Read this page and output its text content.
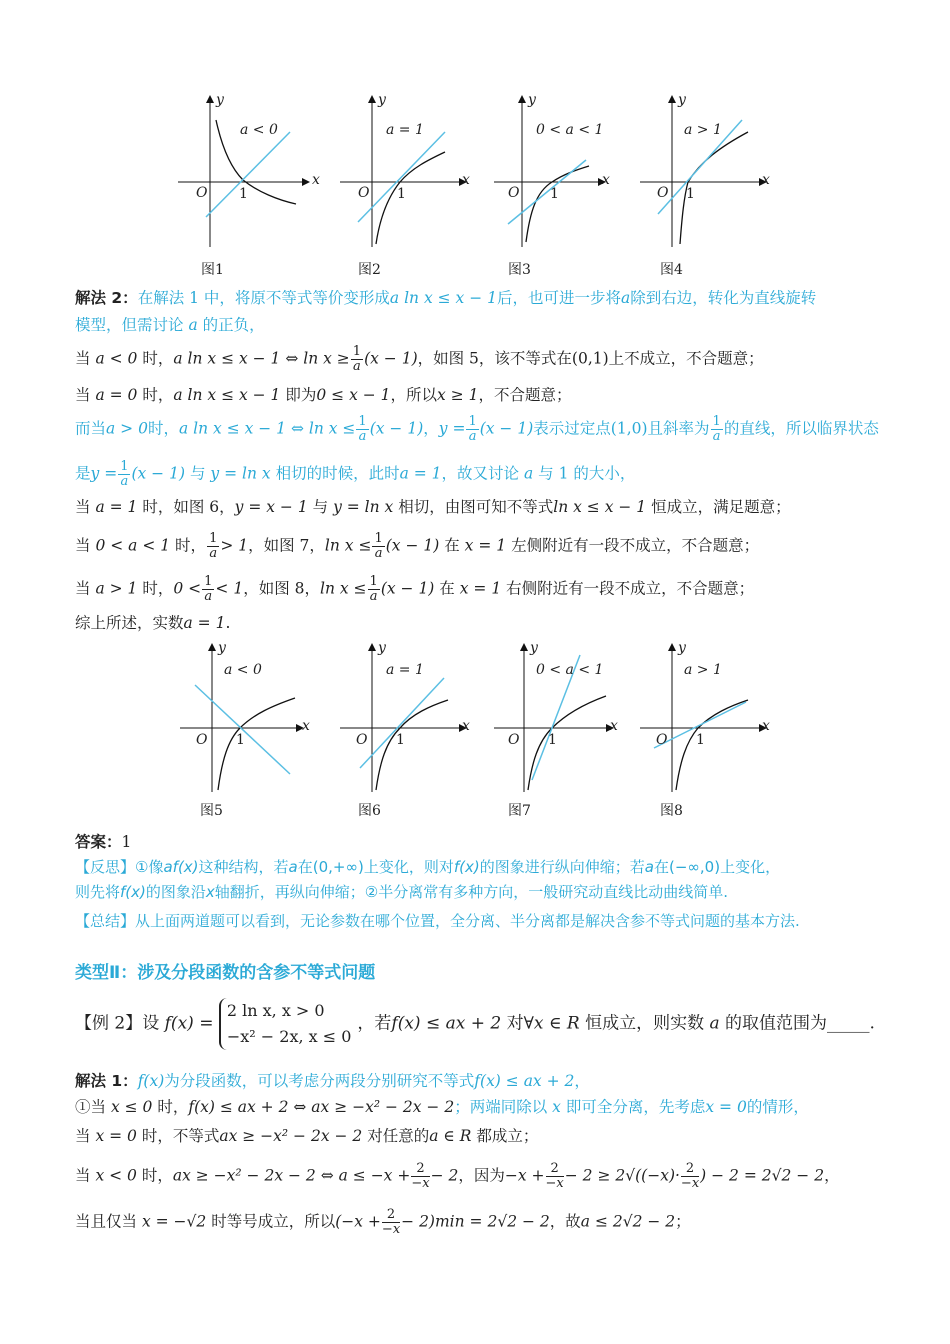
x
y
O 1
a < 0
图1
x
y
O 1
a = 1
图2
x
y
O 1
0 < a < 1
图3
x
y
O 1
a > 1
图4
解法 2：在解法 1 中，将原不等式等价变形成a ln x ≤ x − 1后，也可进一步将a除到右边，转化为直线旋转
模型，但需讨论 a 的正负，
当 a < 0 时，a ln x ≤ x − 1 ⇔ $\ln x \ge \frac{1}{a} (x - 1)$，如图 5，该不等式在(0,1)上不成立，不合题意；
当 a = 0 时，a ln x ≤ x − 1 即为0 ≤ x − 1，所以x ≥ 1，不合题意；
而当a > 0时，a ln x ≤ x − 1 ⇔ $\ln x \le \frac{1}{a} (x - 1)$，$y = \frac{1}{a} (x - 1)$表示过定点(1,0)且斜率为 $\frac{1}{a}$ 的直线，所以临界状态
是$y = \frac{1}{a} (x - 1)$ 与 y = ln x 相切的时候，此时a = 1，故又讨论 a 与 1 的大小，
当 a = 1 时，如图 6，y = x − 1 与 y = ln x 相切，由图可知不等式ln x ≤ x − 1 恒成立，满足题意；
当 0 < a < 1 时， $\frac{1}{a} > 1$，如图 7，$\ln x \le \frac{1}{a} (x - 1)$ 在 x = 1 左侧附近有一段不成立，不合题意；
当 a > 1 时，$0 < \frac{1}{a} < 1$，如图 8，$\ln x \le \frac{1}{a} (x - 1)$ 在 x = 1 右侧附近有一段不成立，不合题意；
综上所述，实数a = 1.
x
y
O 1
a < 0
图5
x
y
O 1
a = 1
图6
x
y
O 1
0 < a < 1
图7
x
y
O 1
a > 1
图8
答案：1
【反思】①像af(x)这种结构，若a在(0,+∞)上变化，则对f(x)的图象进行纵向伸缩；若a在(−∞,0)上变化，
则先将f(x)的图象沿x轴翻折，再纵向伸缩；②半分离常有多种方向，一般研究动直线比动曲线简单.
【总结】从上面两道题可以看到，无论参数在哪个位置，全分离、半分离都是解决含参不等式问题的基本方法.
类型Ⅱ：涉及分段函数的含参不等式问题
【例 2】设 f(x) =
2 ln x, x > 0
−x² − 2x, x ≤ 0
，若f(x) ≤ ax + 2 对∀x ∈ R 恒成立，则实数 a 的取值范围为_____.
解法 1：f(x)为分段函数，可以考虑分两段分别研究不等式f(x) ≤ ax + 2，
①当 x ≤ 0 时，f(x) ≤ ax + 2 ⇔ ax ≥ −x² − 2x − 2；两端同除以 x 即可全分离，先考虑x = 0的情形，
当 x = 0 时，不等式ax ≥ −x² − 2x − 2 对任意的a ∈ R 都成立；
当 x < 0 时，ax ≥ −x² − 2x − 2 ⇔ $a \le -x + \frac{2}{-x} - 2$，因为$-x + \frac{2}{-x} - 2 \ge 2√((-x)\cdot \frac{2}{-x}$ ) − 2 = 2√2 − 2，
当且仅当 x = −√2 时等号成立，所以$(-x + \frac{2}{-x} - 2)\min = 2√2 - 2$，故a ≤ 2√2 − 2；
